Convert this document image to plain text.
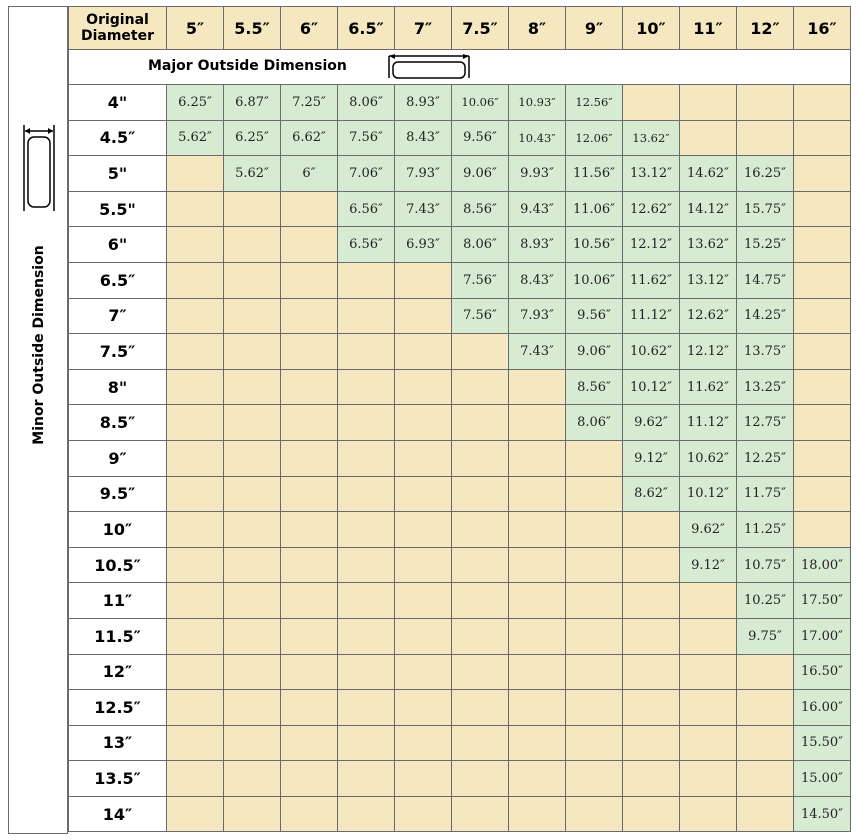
Minor Outside Dimension
Original
Diameter	5″	5.5″	6″	6.5″	7″	7.5″	8″	9″	10″	11″	12″	16″

Major Outside Dimension												

4"	6.25″	6.87″	7.25″	8.06″	8.93″	10.06″	10.93″	12.56″				
4.5″	5.62″	6.25″	6.62″	7.56″	8.43″	9.56″	10.43″	12.06″	13.62″			
5"		5.62″	6″	7.06″	7.93″	9.06″	9.93″	11.56″	13.12″	14.62″	16.25″	
5.5"				6.56″	7.43″	8.56″	9.43″	11.06″	12.62″	14.12″	15.75″	
6"				6.56″	6.93″	8.06″	8.93″	10.56″	12.12″	13.62″	15.25″	
6.5″						7.56″	8.43″	10.06″	11.62″	13.12″	14.75″	
7″						7.56″	7.93″	9.56″	11.12″	12.62″	14.25″	
7.5″							7.43″	9.06″	10.62″	12.12″	13.75″	
8"								8.56″	10.12″	11.62″	13.25″	
8.5″								8.06″	9.62″	11.12″	12.75″	
9″									9.12″	10.62″	12.25″	
9.5″									8.62″	10.12″	11.75″	
10″										9.62″	11.25″	
10.5″										9.12″	10.75″	18.00″
11″											10.25″	17.50″
11.5″											9.75″	17.00″
12″												16.50″
12.5″												16.00″
13″												15.50″
13.5″												15.00″
14″												14.50″
